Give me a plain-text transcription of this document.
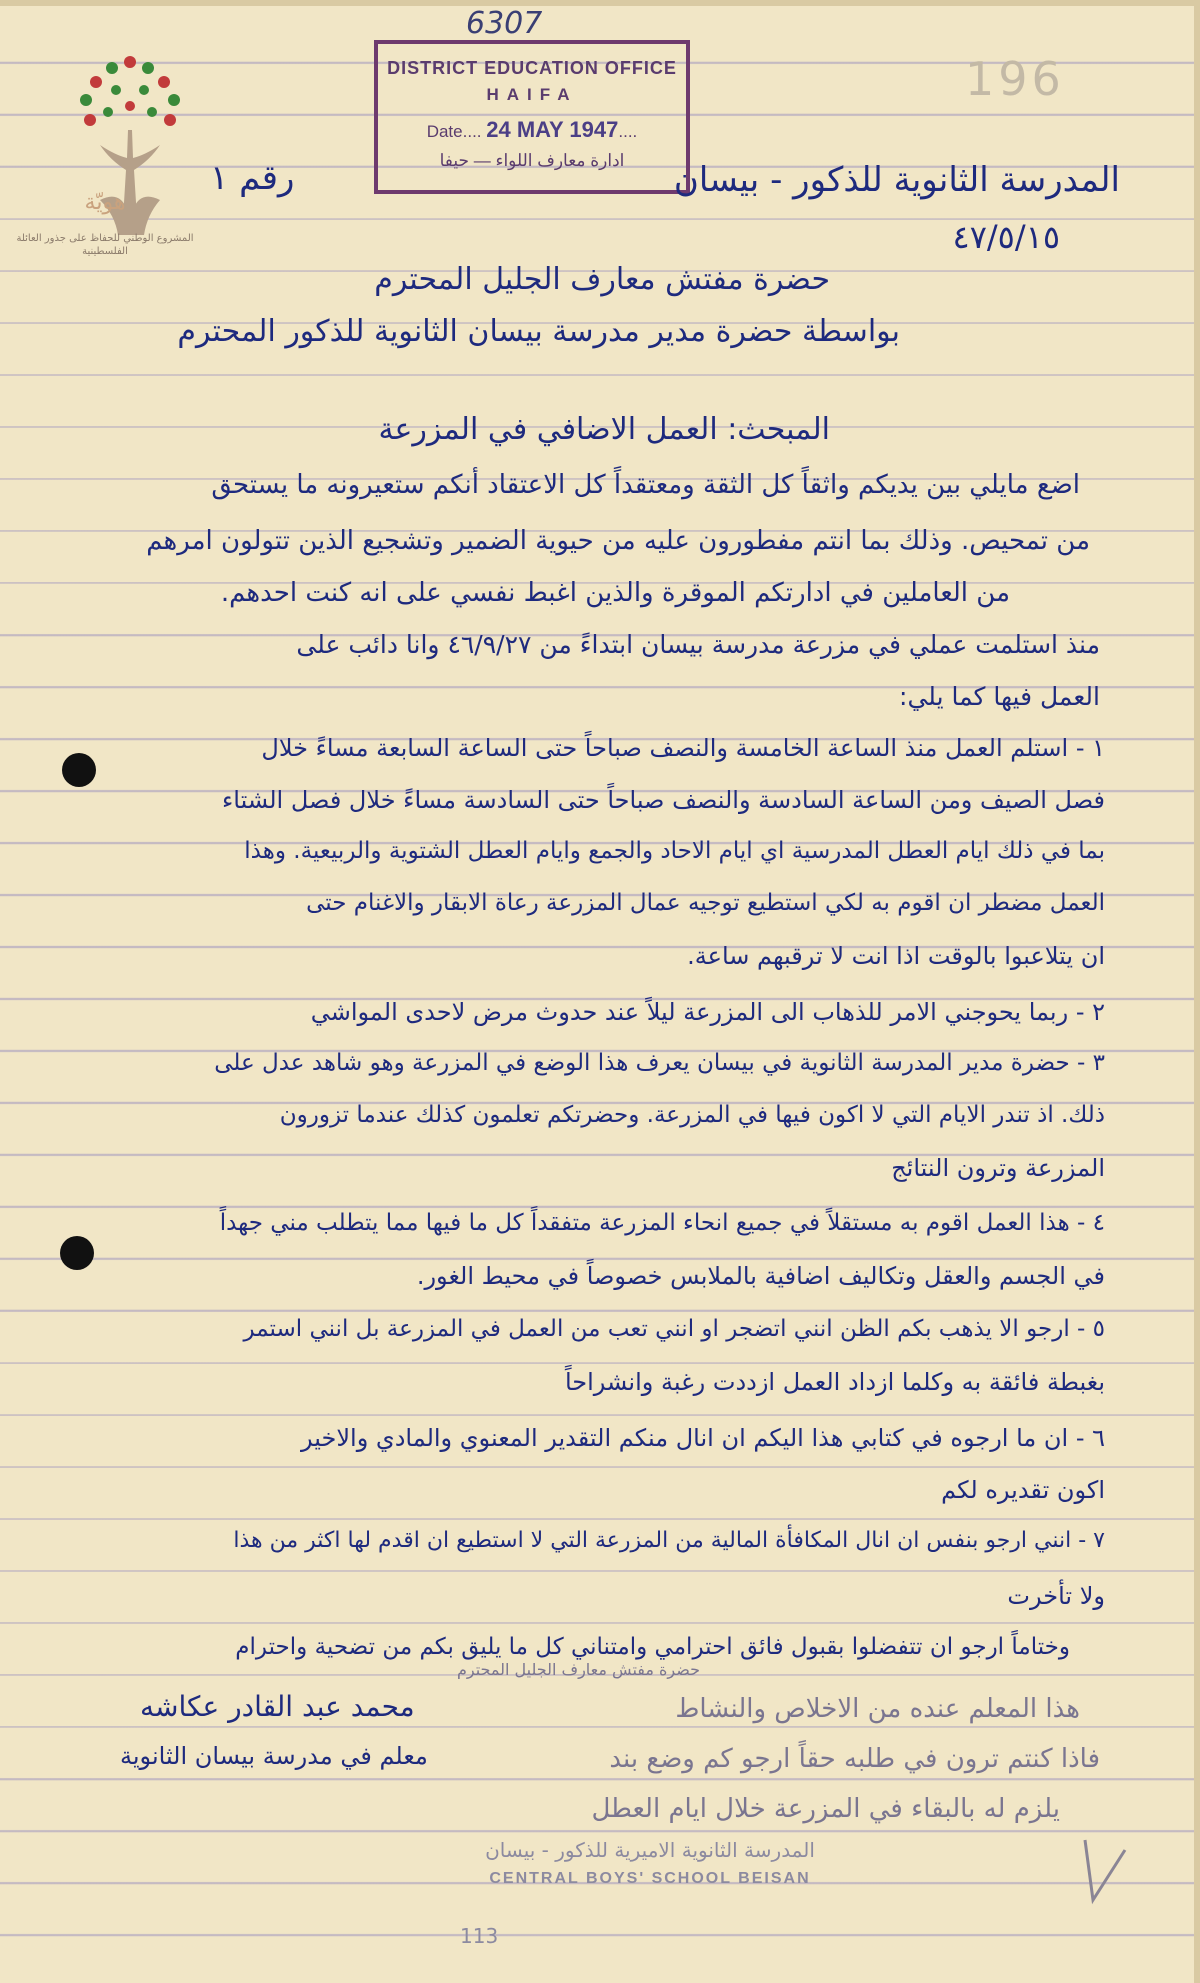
هويّة
المشروع الوطني للحفاظ على جذور العائلة الفلسطينية
6307
196
DISTRICT EDUCATION OFFICE
HAIFA
Date.... 24 MAY 1947....
ادارة معارف اللواء — حيفا	المدرسة الثانوية للذكور - بيسان
رقم ١
٤٧/٥/١٥
حضرة مفتش معارف الجليل المحترم
بواسطة حضرة مدير مدرسة بيسان الثانوية للذكور المحترم
المبحث: العمل الاضافي في المزرعة
اضع مايلي بين يديكم واثقاً كل الثقة ومعتقداً كل الاعتقاد أنكم ستعيرونه ما يستحق
من تمحيص. وذلك بما انتم مفطورون عليه من حيوية الضمير وتشجيع الذين تتولون امرهم
من العاملين في ادارتكم الموقرة والذين اغبط نفسي على انه كنت احدهم.
منذ استلمت عملي في مزرعة مدرسة بيسان ابتداءً من ٤٦/٩/٢٧ وانا دائب على
العمل فيها كما يلي:
١ - استلم العمل منذ الساعة الخامسة والنصف صباحاً حتى الساعة السابعة مساءً خلال
فصل الصيف ومن الساعة السادسة والنصف صباحاً حتى السادسة مساءً خلال فصل الشتاء
بما في ذلك ايام العطل المدرسية اي ايام الاحاد والجمع وايام العطل الشتوية والربيعية. وهذا
العمل مضطر ان اقوم به لكي استطيع توجيه عمال المزرعة رعاة الابقار والاغنام حتى
ان يتلاعبوا بالوقت اذا انت لا ترقبهم ساعة.
٢ - ربما يحوجني الامر للذهاب الى المزرعة ليلاً عند حدوث مرض لاحدى المواشي
٣ - حضرة مدير المدرسة الثانوية في بيسان يعرف هذا الوضع في المزرعة وهو شاهد عدل على
ذلك. اذ تندر الايام التي لا اكون فيها في المزرعة. وحضرتكم تعلمون كذلك عندما تزورون
المزرعة وترون النتائج
٤ - هذا العمل اقوم به مستقلاً في جميع انحاء المزرعة متفقداً كل ما فيها مما يتطلب مني جهداً
في الجسم والعقل وتكاليف اضافية بالملابس خصوصاً في محيط الغور.
٥ - ارجو الا يذهب بكم الظن انني اتضجر او انني تعب من العمل في المزرعة بل انني استمر
بغبطة فائقة به وكلما ازداد العمل ازددت رغبة وانشراحاً
٦ - ان ما ارجوه في كتابي هذا اليكم ان انال منكم التقدير المعنوي والمادي والاخير
اكون تقديره لكم
٧ - انني ارجو بنفس ان انال المكافأة المالية من المزرعة التي لا استطيع ان اقدم لها اكثر من هذا
ولا تأخرت
وختاماً ارجو ان تتفضلوا بقبول فائق احترامي وامتناني كل ما يليق بكم من تضحية واحترام
محمد عبد القادر عكاشه
معلم في مدرسة بيسان الثانوية
حضرة مفتش معارف الجليل المحترم
هذا المعلم عنده من الاخلاص والنشاط
فاذا كنتم ترون في طلبه حقاً ارجو كم وضع بند
يلزم له بالبقاء في المزرعة خلال ايام العطل
المدرسة الثانوية الاميرية للذكور - بيسان
CENTRAL BOYS' SCHOOL BEISAN
113
